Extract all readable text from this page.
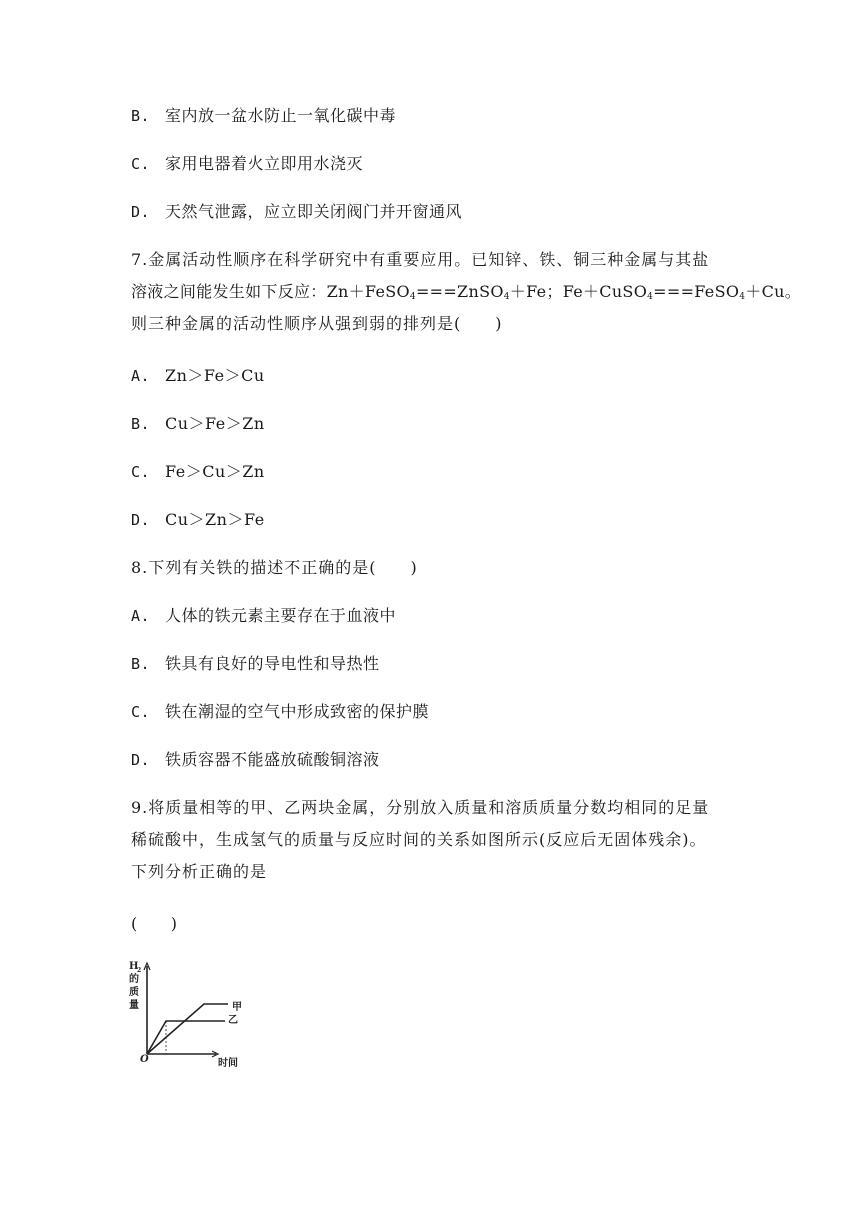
B. 室内放一盆水防止一氧化碳中毒
C. 家用电器着火立即用水浇灭
D. 天然气泄露，应立即关闭阀门并开窗通风
7.金属活动性顺序在科学研究中有重要应用。已知锌、铁、铜三种金属与其盐
溶液之间能发生如下反应：Zn＋FeSO$_4$===ZnSO$_4$＋Fe；Fe＋CuSO$_4$===FeSO$_4$＋Cu。
则三种金属的活动性顺序从强到弱的排列是(　　)
A. Zn＞Fe＞Cu
B. Cu＞Fe＞Zn
C. Fe＞Cu＞Zn
D. Cu＞Zn＞Fe
8.下列有关铁的描述不正确的是(　　)
A. 人体的铁元素主要存在于血液中
B. 铁具有良好的导电性和导热性
C. 铁在潮湿的空气中形成致密的保护膜
D. 铁质容器不能盛放硫酸铜溶液
9.将质量相等的甲、乙两块金属，分别放入质量和溶质质量分数均相同的足量
稀硫酸中，生成氢气的质量与反应时间的关系如图所示(反应后无固体残余)。
下列分析正确的是
(　　)
H
2
的
质
量
O	时间
甲
乙
